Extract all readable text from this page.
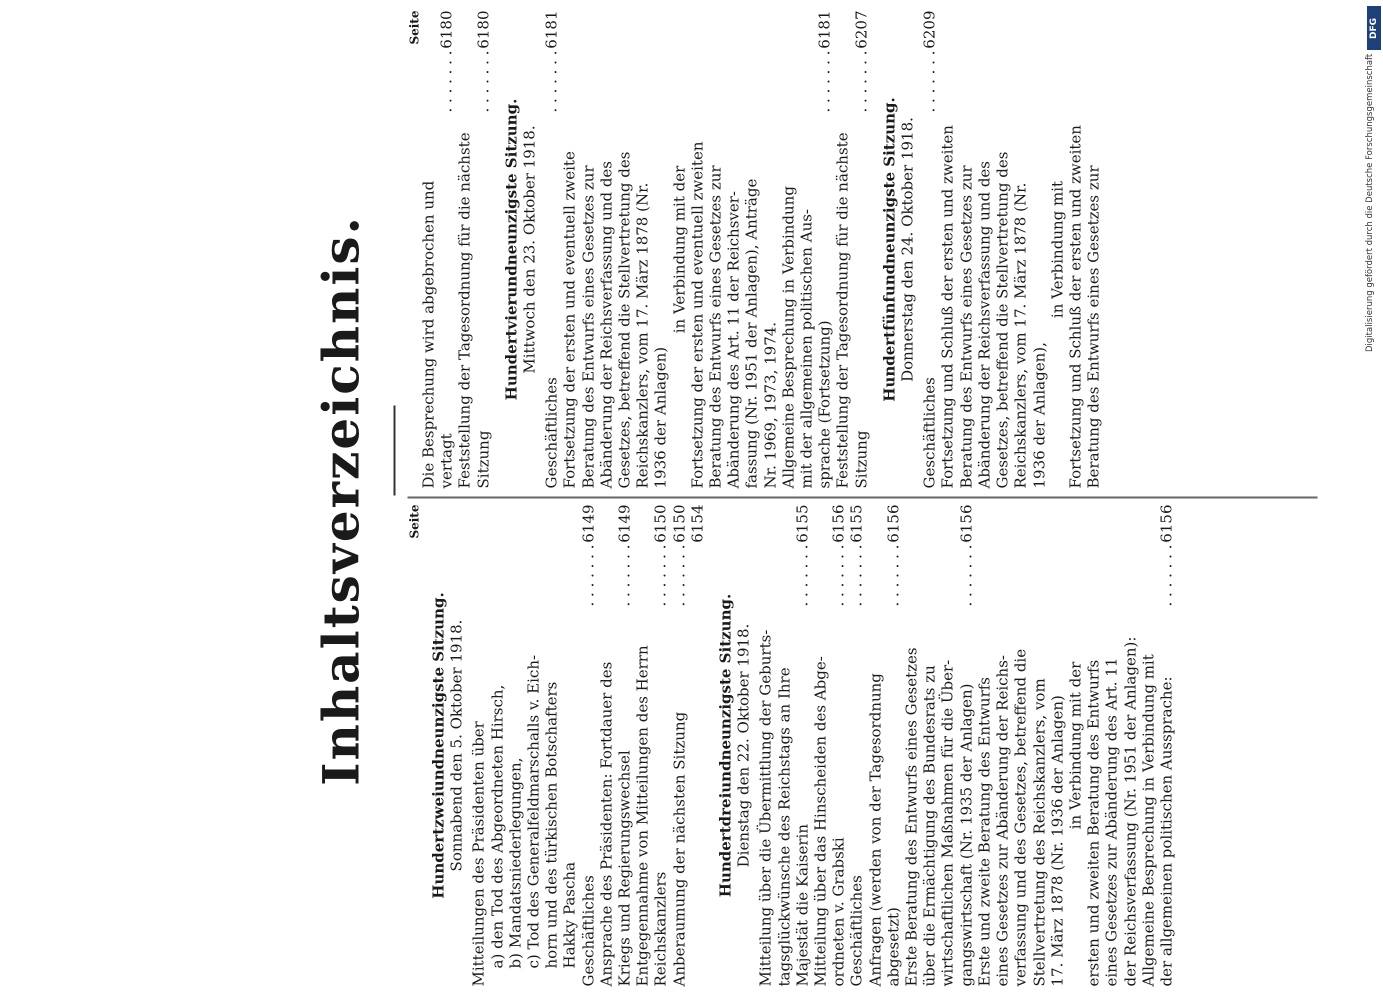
Inhaltsverzeichnis.	Seite
Hundertzweiundneunzigste Sitzung. Sonnabend den 5. Oktober 1918. Mitteilungen des Präsidenten über a) den Tod des Abgeordneten Hirsch, b) Mandatsniederlegungen, c) Tod des Generalfeldmarschalls v. Eich-
horn und des türkischen Botschafters
Hakky Pascha Geschäftliches
. . . . . . .
6149
Ansprache des Präsidenten: Fortdauer des
Kriegs und Regierungswechsel
. . . . . . .
6149
Entgegennahme von Mitteilungen des Herrn
Reichskanzlers
. . . . . . .
6150
Anberaumung der nächsten Sitzung
. . . . . . .
6150 6154
Hundertdreiundneunzigste Sitzung. Dienstag den 22. Oktober 1918.
Mitteilung über die Übermittlung der Geburts-
tagsglückwünsche des Reichstags an Ihre
Majestät die Kaiserin
. . . . . . .
6155
Mitteilung über das Hinscheiden des Abge-
ordneten v. Grabski
. . . . . . .
6156
Geschäftliches
. . . . . . .
6155
Anfragen (werden von der Tagesordnung
abgesetzt)
. . . . . . .
6156
Erste Beratung des Entwurfs eines Gesetzes
über die Ermächtigung des Bundesrats zu
wirtschaftlichen Maßnahmen für die Über-
gangswirtschaft (Nr. 1935 der Anlagen)
. . . . . . .
6156
Erste und zweite Beratung des Entwurfs
eines Gesetzes zur Abänderung der Reichs-
verfassung und des Gesetzes, betreffend die
Stellvertretung des Reichskanzlers, vom
17. März 1878 (Nr. 1936 der Anlagen) in Verbindung mit der
ersten und zweiten Beratung des Entwurfs
eines Gesetzes zur Abänderung des Art. 11
der Reichsverfassung (Nr. 1951 der Anlagen):
Allgemeine Besprechung in Verbindung mit
der allgemeinen politischen Aussprache:
. . . . . . .
6156
Seite
Die Besprechung wird abgebrochen und
vertagt
. . . . . . .
6180
Feststellung der Tagesordnung für die nächste
Sitzung
. . . . . . .
6180
Hundertvierundneunzigste Sitzung. Mittwoch den 23. Oktober 1918.
Geschäftliches
. . . . . . .
6181
Fortsetzung der ersten und eventuell zweite
Beratung des Entwurfs eines Gesetzes zur
Abänderung der Reichsverfassung und des
Gesetzes, betreffend die Stellvertretung des
Reichskanzlers, vom 17. März 1878 (Nr.
1936 der Anlagen)
in Verbindung mit der
Fortsetzung der ersten und eventuell zweiten
Beratung des Entwurfs eines Gesetzes zur
Abänderung des Art. 11 der Reichsver-
fassung (Nr. 1951 der Anlagen), Anträge
Nr. 1969, 1973, 1974.
Allgemeine Besprechung in Verbindung
mit der allgemeinen politischen Aus-
sprache (Fortsetzung)
. . . . . . .
6181
Feststellung der Tagesordnung für die nächste
Sitzung
. . . . . . .
6207
Hundertfünfundneunzigste Sitzung. Donnerstag den 24. Oktober 1918.
Geschäftliches
. . . . . . .
6209
Fortsetzung und Schluß der ersten und zweiten
Beratung des Entwurfs eines Gesetzes zur
Abänderung der Reichsverfassung und des
Gesetzes, betreffend die Stellvertretung des
Reichskanzlers, vom 17. März 1878 (Nr.
1936 der Anlagen),
in Verbindung mit
Fortsetzung und Schluß der ersten und zweiten
Beratung des Entwurfs eines Gesetzes zur
DFG
Digitalisierung gefördert durch die Deutsche Forschungsgemeinschaft
